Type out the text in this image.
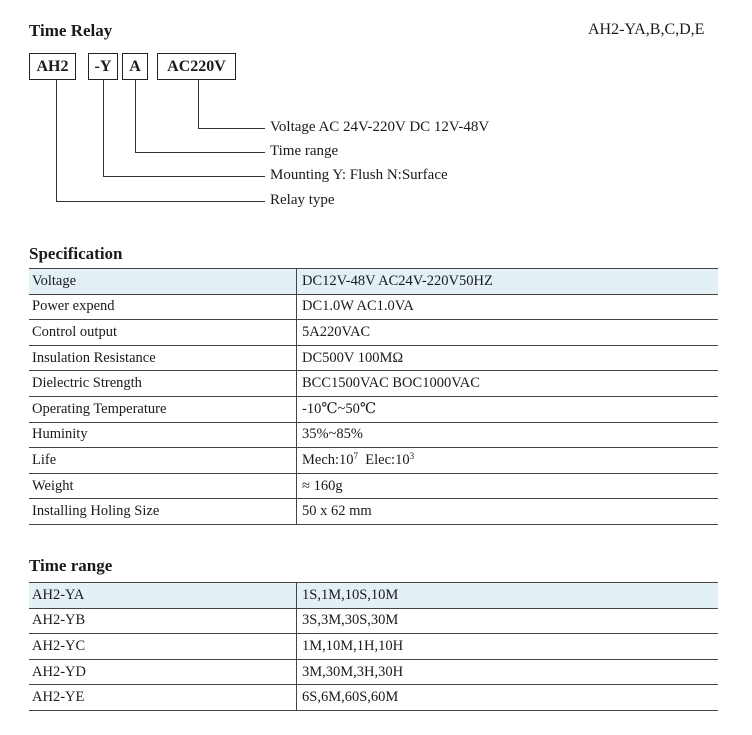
Time Relay	AH2-YA,B,C,D,E
AH2	-Y	A	AC220V
Voltage AC 24V-220V DC 12V-48V
Time range
Mounting Y: Flush N:Surface
Relay type
Specification
Voltage	DC12V-48V AC24V-220V50HZ
Power expend	DC1.0W AC1.0VA
Control output	5A220VAC
Insulation Resistance	DC500V 100MΩ
Dielectric Strength	BCC1500VAC BOC1000VAC
Operating Temperature	-10℃~50℃
Huminity	35%~85%
Life	$Mech:10^7$  $Elec:10^3$
Weight	≈ 160g
Installing Holing Size	50 x 62 mm
Time range
AH2-YA	1S,1M,10S,10M
AH2-YB	3S,3M,30S,30M
AH2-YC	1M,10M,1H,10H
AH2-YD	3M,30M,3H,30H
AH2-YE	6S,6M,60S,60M
